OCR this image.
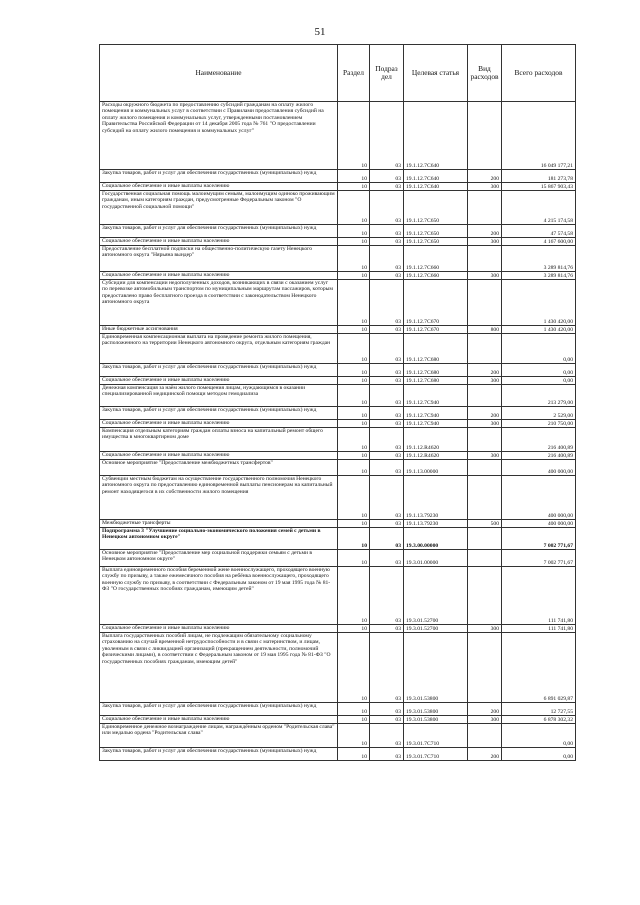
51
Наименование	Раздел	Подраз дел	Целевая статья	Вид расходов	Всего расходов
Расходы окружного бюджета по предоставлению субсидий гражданам на оплату жилого помещения и коммунальных услуг в соответствии с Правилами предоставления субсидий на оплату жилого помещения и коммунальных услуг, утвержденными постановлением Правительства Российской Федерации от 14 декабря 2005 года № 761 "О предоставлении субсидий на оплату жилого помещения и коммунальных услуг"	10	03	19.1.12.7С640		16 049 177,21
Закупка товаров, работ и услуг для обеспечения государственных (муниципальных) нужд	10	03	19.1.12.7С640	200	181 273,78
Социальное обеспечение и иные выплаты населению	10	03	19.1.12.7С640	300	15 867 903,43
Государственная социальная помощь малоимущим семьям, малоимущим одиноко проживающим гражданам, иным категориям граждан, предусмотренные Федеральным законом "О государственной социальной помощи"	10	03	19.1.12.7С650		4 215 174,58
Закупка товаров, работ и услуг для обеспечения государственных (муниципальных) нужд	10	03	19.1.12.7С650	200	47 574,58
Социальное обеспечение и иные выплаты населению	10	03	19.1.12.7С650	300	4 167 600,00
Предоставление бесплатной подписки на общественно-политическую газету Ненецкого автономного округа "Нярьяна вындер"	10	03	19.1.12.7С660		3 289 814,76
Социальное обеспечение и иные выплаты населению	10	03	19.1.12.7С660	300	3 289 814,76
Субсидии для компенсации недополученных доходов, возникающих в связи с оказанием услуг по перевозке автомобильным транспортом по муниципальным маршрутам пассажиров, которым предоставлено право бесплатного проезда в соответствии с законодательством Ненецкого автономного округа	10	03	19.1.12.7С670		1 430 420,00
Иные бюджетные ассигнования	10	03	19.1.12.7С670	800	1 430 420,00
Единовременная компенсационная выплата на проведение ремонта жилого помещения, расположенного на территории Ненецкого автономного округа, отдельным категориям граждан	10	03	19.1.12.7С680		0,00
Закупка товаров, работ и услуг для обеспечения государственных (муниципальных) нужд	10	03	19.1.12.7С680	200	0,00
Социальное обеспечение и иные выплаты населению	10	03	19.1.12.7С680	300	0,00
Денежная компенсация за наём жилого помещения лицам, нуждающимся в оказании специализированной медицинской помощи методом гемодиализа	10	03	19.1.12.7С940		213 279,00
Закупка товаров, работ и услуг для обеспечения государственных (муниципальных) нужд	10	03	19.1.12.7С940	200	2 529,00
Социальное обеспечение и иные выплаты населению	10	03	19.1.12.7С940	300	210 750,00
Компенсация отдельным категориям граждан оплаты взноса на капитальный ремонт общего имущества в многоквартирном доме	10	03	19.1.12.R4620		216 400,89
Социальное обеспечение и иные выплаты населению	10	03	19.1.12.R4620	300	216 400,89
Основное мероприятие "Предоставление межбюджетных трансфертов"	10	03	19.1.13.00000		400 000,00
Субвенции местным бюджетам на осуществление государственного полномочия Ненецкого автономного округа по предоставлению единовременной выплаты пенсионерам на капитальный ремонт находящегося в их собственности жилого помещения	10	03	19.1.13.79230		400 000,00
Межбюджетные трансферты	10	03	19.1.13.79230	500	400 000,00
Подпрограмма 3 "Улучшение социально-экономического положения семей с детьми в Ненецком автономном округе"	10	03	19.3.00.00000		7 002 771,67
Основное мероприятие "Предоставление мер социальной поддержки семьям с детьми в Ненецком автономном округе"	10	03	19.3.01.00000		7 002 771,67
Выплата единовременного пособия беременной жене военнослужащего, проходящего военную службу по призыву, а также ежемесячного пособия на ребёнка военнослужащего, проходящего военную службу по призыву, в соответствии с Федеральным законом от 19 мая 1995 года № 81-ФЗ "О государственных пособиях гражданам, имеющим детей"	10	03	19.3.01.52700		111 741,80
Социальное обеспечение и иные выплаты населению	10	03	19.3.01.52700	300	111 741,80
Выплата государственных пособий лицам, не подлежащим обязательному социальному страхованию на случай временной нетрудоспособности и в связи с материнством, и лицам, уволенным в связи с ликвидацией организаций (прекращением деятельности, полномочий физическими лицами), в соответствии с Федеральным законом от 19 мая 1995 года № 81-ФЗ "О государственных пособиях гражданам, имеющим детей"	10	03	19.3.01.53800		6 891 029,87
Закупка товаров, работ и услуг для обеспечения государственных (муниципальных) нужд	10	03	19.3.01.53800	200	12 727,55
Социальное обеспечение и иные выплаты населению	10	03	19.3.01.53800	300	6 878 302,32
Единовременное денежное вознаграждение лицам, награждённым орденом "Родительская слава" или медалью ордена "Родительская слава"	10	03	19.3.01.7С710		0,00
Закупка товаров, работ и услуг для обеспечения государственных (муниципальных) нужд	10	03	19.3.01.7С710	200	0,00
